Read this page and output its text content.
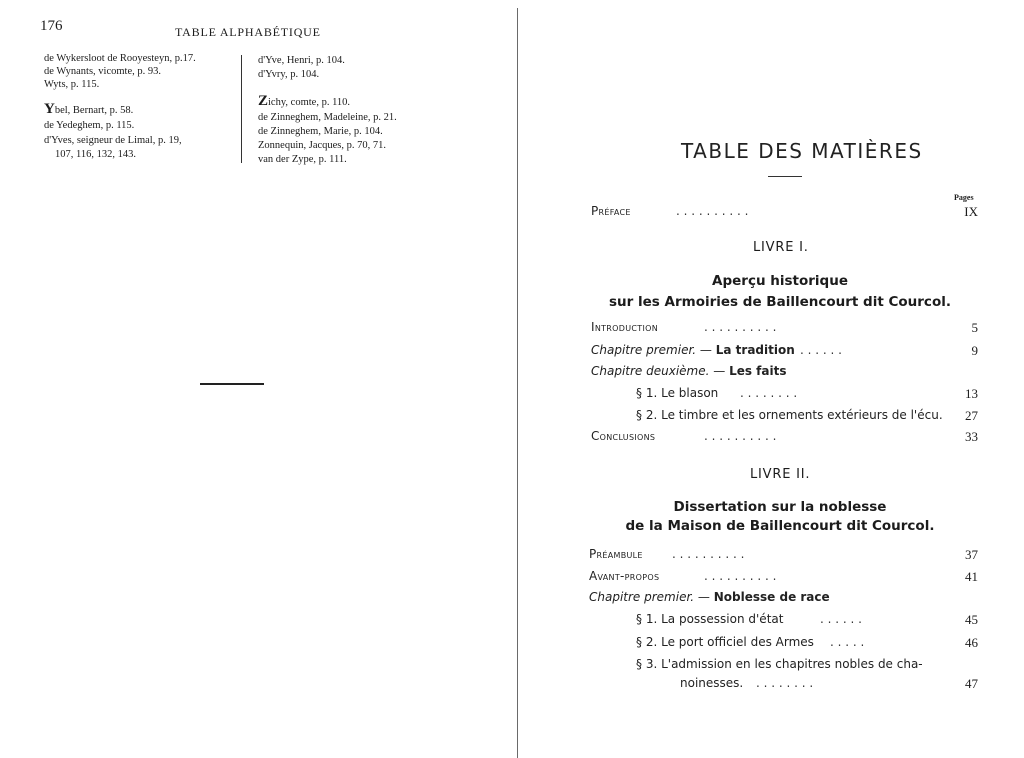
176	TABLE ALPHABÉTIQUE
de Wykersloot de Rooyesteyn, p.17.
de Wynants, vicomte, p. 93.
Wyts, p. 115.
Ybel, Bernart, p. 58.
de Yedeghem, p. 115.
d'Yves, seigneur de Limal, p. 19,
107, 116, 132, 143.
d'Yve, Henri, p. 104.
d'Yvry, p. 104.
Zichy, comte, p. 110.
de Zinneghem, Madeleine, p. 21.
de Zinneghem, Marie, p. 104.
Zonnequin, Jacques, p. 70, 71.
van der Zype, p. 111.	TABLE DES MATIÈRES
Pages
Préface	. . . . . . . . . .	IX
LIVRE I.
Aperçu historique
sur les Armoiries de Baillencourt dit Courcol.
Introduction	. . . . . . . . . .	5
Chapitre premier. — La tradition . . . . . .	9
Chapitre deuxième. — Les faits
§ 1. Le blason . . . . . . . .	13
§ 2. Le timbre et les ornements extérieurs de l'écu.	27
Conclusions	. . . . . . . . . .	33
LIVRE II.
Dissertation sur la noblesse
de la Maison de Baillencourt dit Courcol.
Préambule . . . . . . . . . .	37
Avant-propos	. . . . . . . . . .	41
Chapitre premier. — Noblesse de race
§ 1. La possession d'état	. . . . . .	45
§ 2. Le port officiel des Armes . . . . .	46
§ 3. L'admission en les chapitres nobles de cha-
noinesses. . . . . . . . .	47
